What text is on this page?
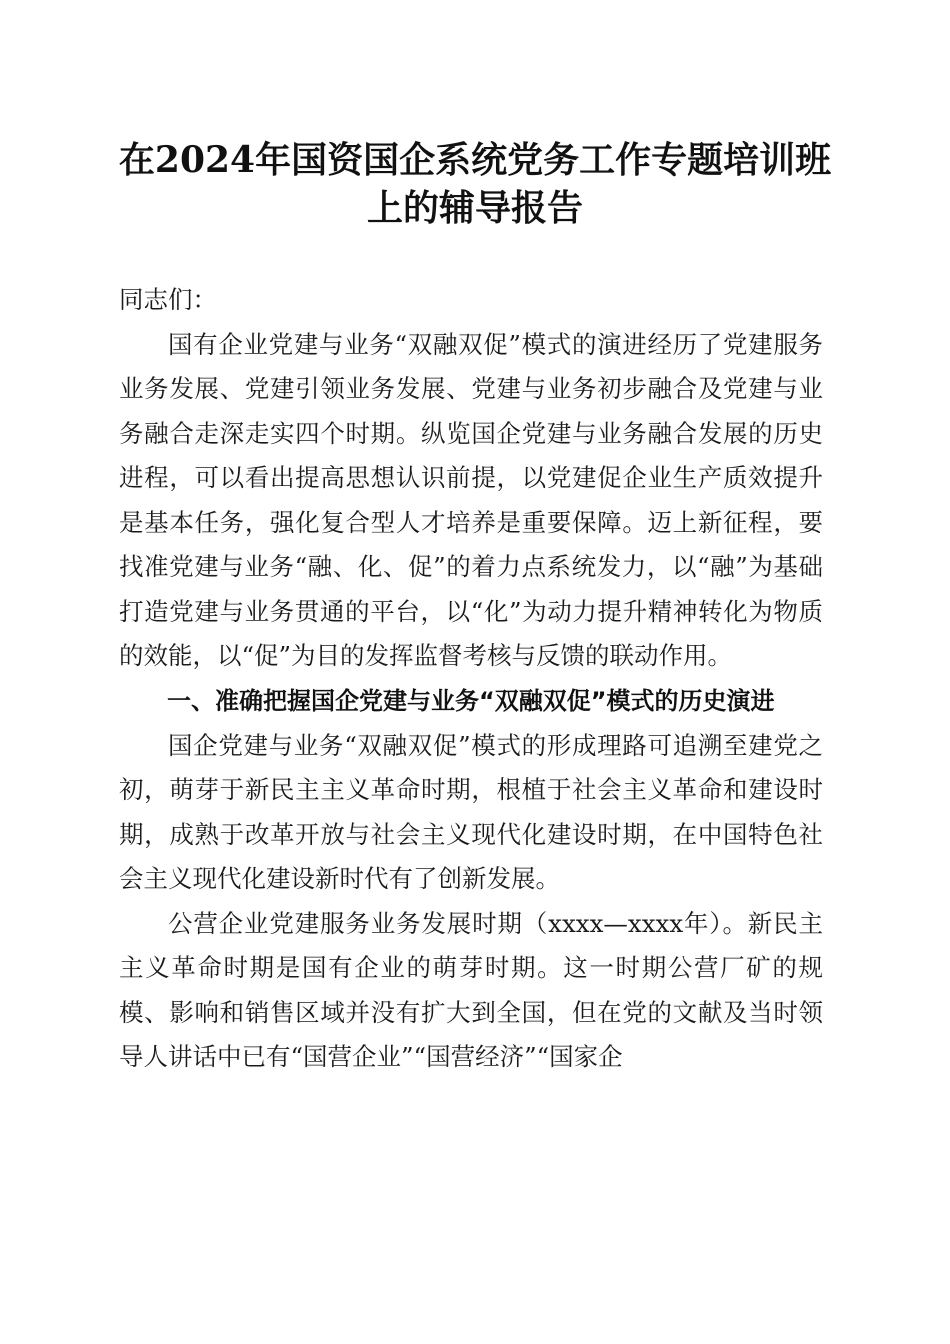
在2024年国资国企系统党务工作专题培训班
上的辅导报告

同志们：

国有企业党建与业务“双融双促”模式的演进经历了党建服务业务发展、党建引领业务发展、党建与业务初步融合及党建与业务融合走深走实四个时期。纵览国企党建与业务融合发展的历史进程，可以看出提高思想认识前提，以党建促企业生产质效提升是基本任务，强化复合型人才培养是重要保障。迈上新征程，要找准党建与业务“融、化、促”的着力点系统发力，以“融”为基础打造党建与业务贯通的平台，以“化”为动力提升精神转化为物质的效能，以“促”为目的发挥监督考核与反馈的联动作用。

一、准确把握国企党建与业务“双融双促”模式的历史演进

国企党建与业务“双融双促”模式的形成理路可追溯至建党之初，萌芽于新民主主义革命时期，根植于社会主义革命和建设时期，成熟于改革开放与社会主义现代化建设时期，在中国特色社会主义现代化建设新时代有了创新发展。

公营企业党建服务业务发展时期（xxxx—xxxx年）。新民主主义革命时期是国有企业的萌芽时期。这一时期公营厂矿的规模、影响和销售区域并没有扩大到全国，但在党的文献及当时领导人讲话中已有“国营企业”“国营经济”“国家企
